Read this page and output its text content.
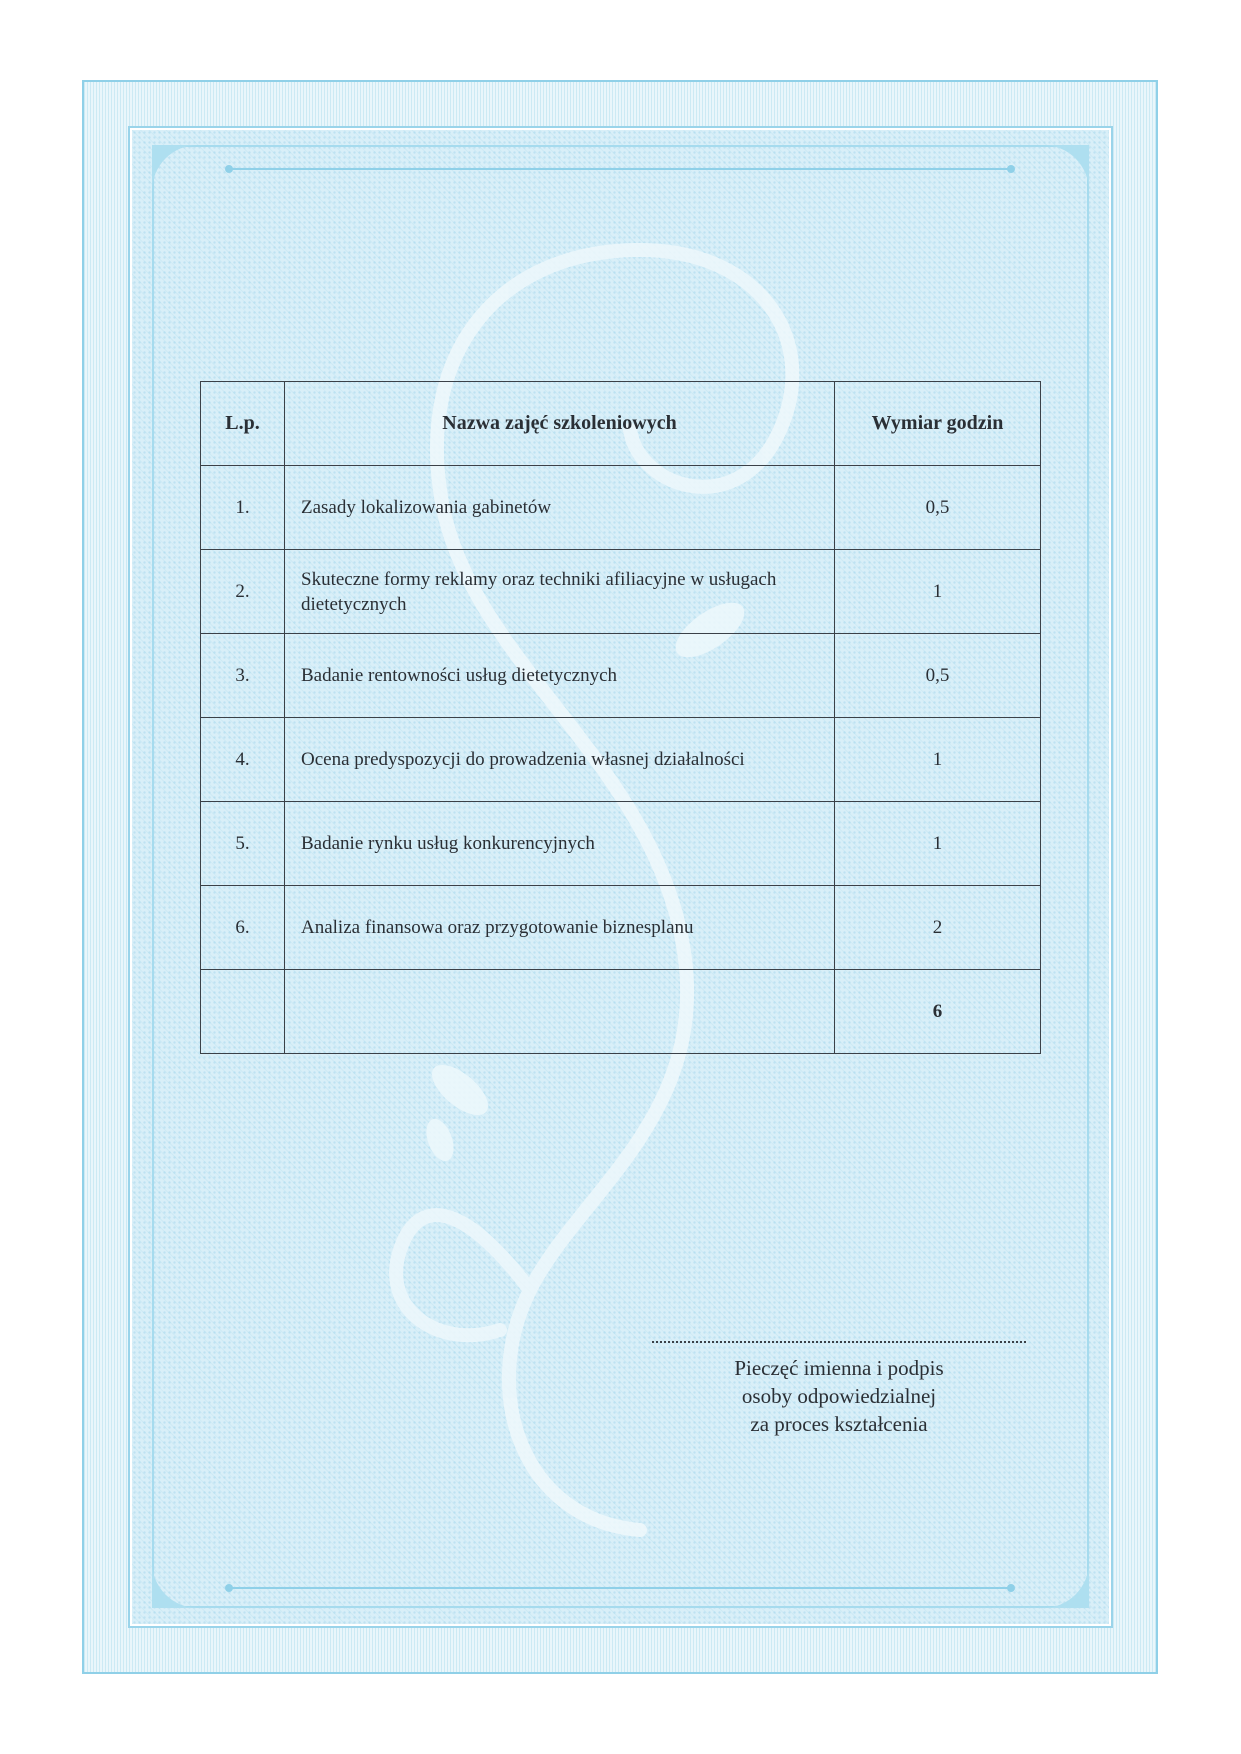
L.p.	Nazwa zajęć szkoleniowych	Wymiar godzin
1.	Zasady lokalizowania gabinetów	0,5
2.	Skuteczne formy reklamy oraz techniki afiliacyjne w usługach dietetycznych	1
3.	Badanie rentowności usług dietetycznych	0,5
4.	Ocena predyspozycji do prowadzenia własnej działalności	1
5.	Badanie rynku usług konkurencyjnych	1
6.	Analiza finansowa oraz przygotowanie biznesplanu	2
		6
Pieczęć imienna i podpis
osoby odpowiedzialnej
za proces kształcenia
